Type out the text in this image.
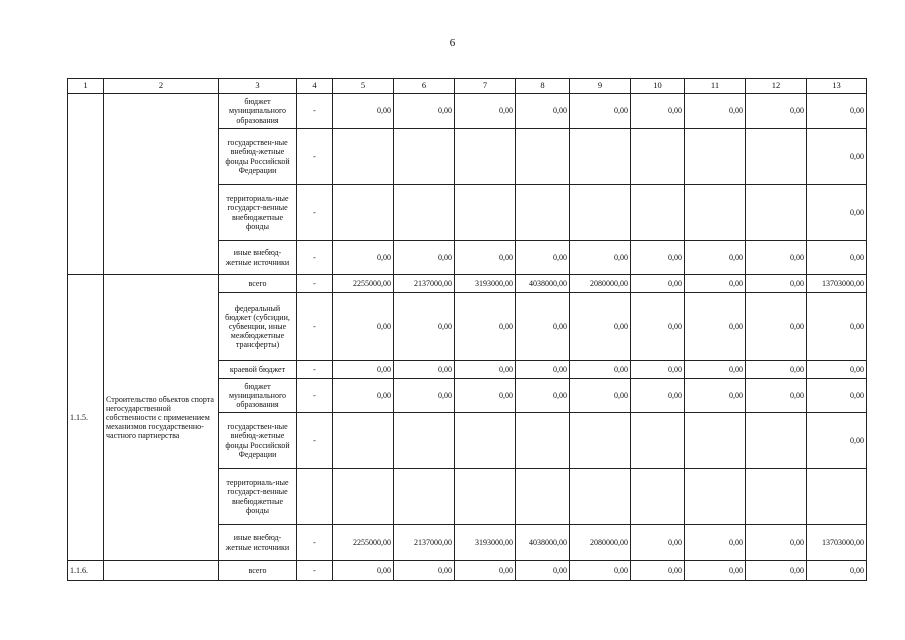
6
1	2	3	4	5	6	7	8	9	10	11	12	13
		бюджет муниципального образования	-	0,00	0,00	0,00	0,00	0,00	0,00	0,00	0,00	0,00
		государствен-ные внебюд-жетные фонды Российской Федерации	-									0,00
		территориаль-ные государст-венные внебюджетные фонды	-									0,00
		иные внебюд-жетные источники	-	0,00	0,00	0,00	0,00	0,00	0,00	0,00	0,00	0,00
1.1.5.	Строительство объектов спорта негосударственной собственности с применением механизмов государственно-частного партнерства	всего	-	2255000,00	2137000,00	3193000,00	4038000,00	2080000,00	0,00	0,00	0,00	13703000,00
		федеральный бюджет (субсидии, субвенции, иные межбюджетные трансферты)	-	0,00	0,00	0,00	0,00	0,00	0,00	0,00	0,00	0,00
		краевой бюджет	-	0,00	0,00	0,00	0,00	0,00	0,00	0,00	0,00	0,00
		бюджет муниципального образования	-	0,00	0,00	0,00	0,00	0,00	0,00	0,00	0,00	0,00
		государствен-ные внебюд-жетные фонды Российской Федерации	-									0,00
		территориаль-ные государст-венные внебюджетные фонды										
		иные внебюд-жетные источники	-	2255000,00	2137000,00	3193000,00	4038000,00	2080000,00	0,00	0,00	0,00	13703000,00
1.1.6.		всего	-	0,00	0,00	0,00	0,00	0,00	0,00	0,00	0,00	0,00
